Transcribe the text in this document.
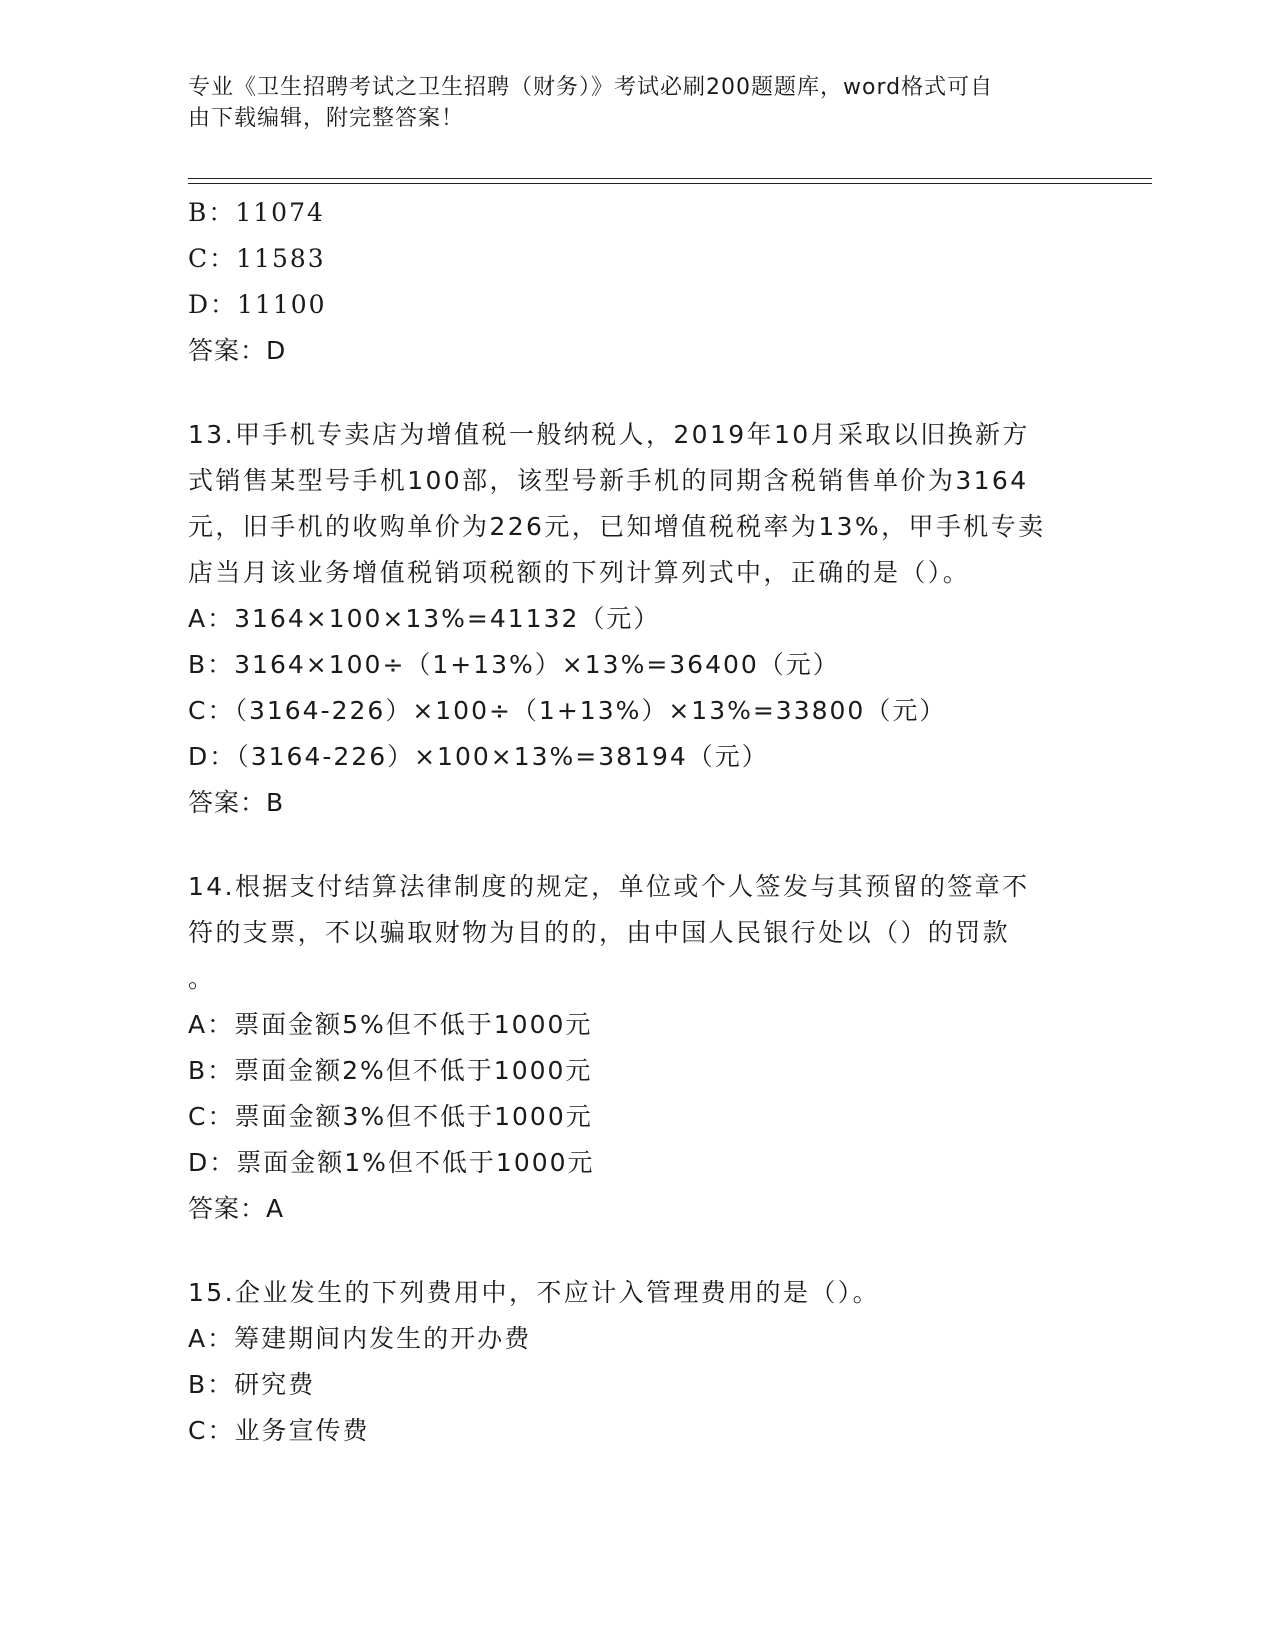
专业《卫生招聘考试之卫生招聘（财务）》考试必刷200题题库，word格式可自
由下载编辑，附完整答案！
B：11074
C：11583
D：11100
答案：D
13.甲手机专卖店为增值税一般纳税人，2019年10月采取以旧换新方
式销售某型号手机100部，该型号新手机的同期含税销售单价为3164
元，旧手机的收购单价为226元，已知增值税税率为13%，甲手机专卖
店当月该业务增值税销项税额的下列计算列式中，正确的是（）。
A：3164×100×13%=41132（元）
B：3164×100÷（1+13%）×13%=36400（元）
C：（3164-226）×100÷（1+13%）×13%=33800（元）
D：（3164-226）×100×13%=38194（元）
答案：B
14.根据支付结算法律制度的规定，单位或个人签发与其预留的签章不
符的支票，不以骗取财物为目的的，由中国人民银行处以（）的罚款
。
A：票面金额5%但不低于1000元
B：票面金额2%但不低于1000元
C：票面金额3%但不低于1000元
D：票面金额1%但不低于1000元
答案：A
15.企业发生的下列费用中，不应计入管理费用的是（）。
A：筹建期间内发生的开办费
B：研究费
C：业务宣传费
